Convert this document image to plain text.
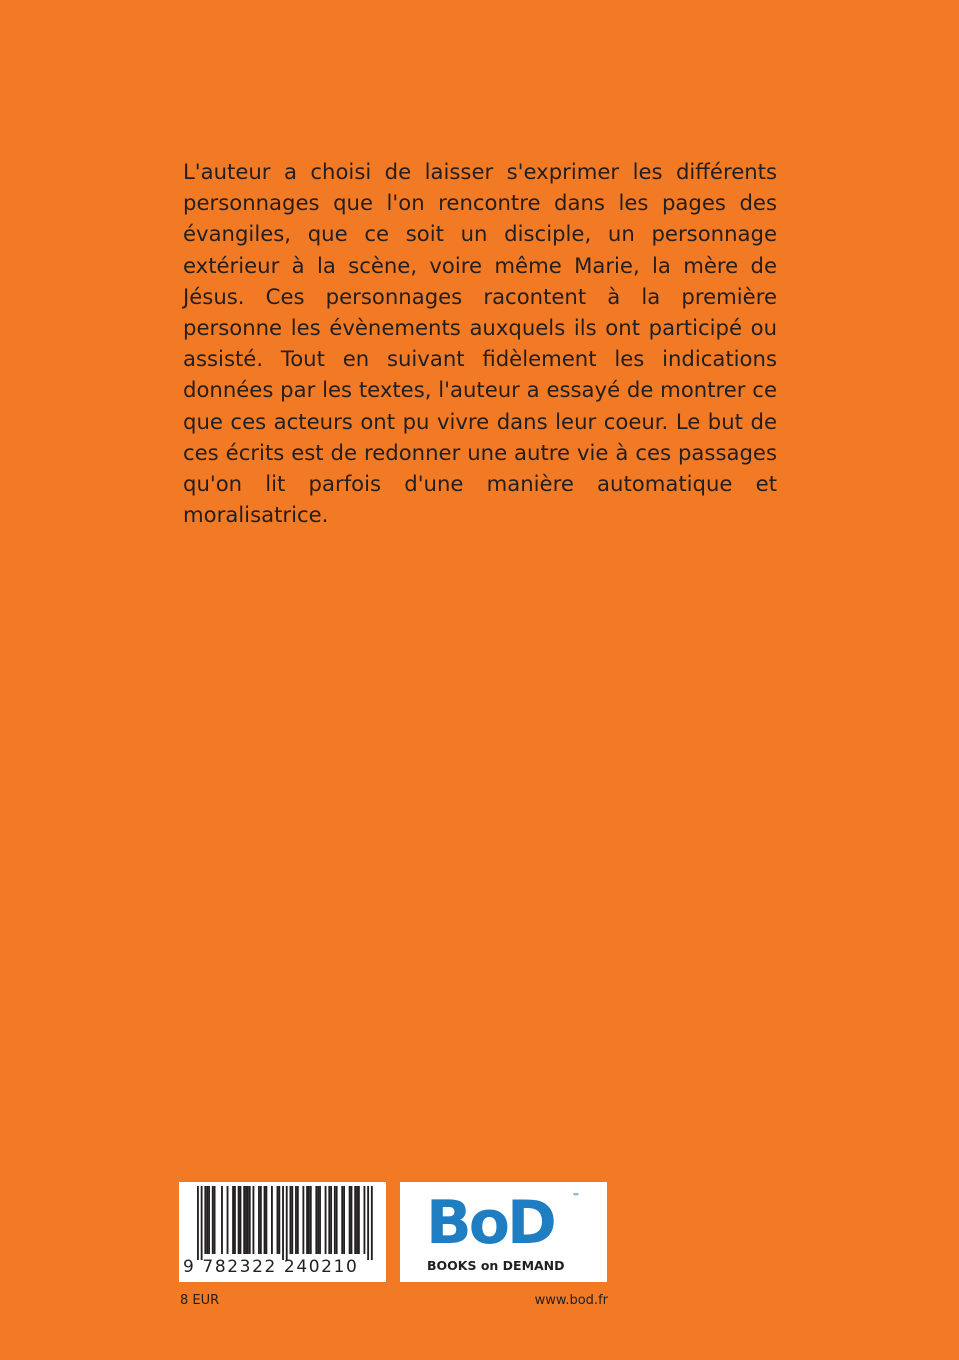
L'auteur a choisi de laisser s'exprimer les différents personnages que l'on rencontre dans les pages des évangiles, que ce soit un disciple, un personnage extérieur à la scène, voire même Marie, la mère de Jésus. Ces personnages racontent à la première personne les évènements auxquels ils ont participé ou assisté. Tout en suivant fidèlement les indications données par les textes, l'auteur a essayé de montrer ce que ces acteurs ont pu vivre dans leur coeur. Le but de ces écrits est de redonner une autre vie à ces passages qu'on lit parfois d'une manière automatique et moralisatrice.

9 782322 240210
BoD ™
BOOKS on DEMAND
8 EUR	www.bod.fr
